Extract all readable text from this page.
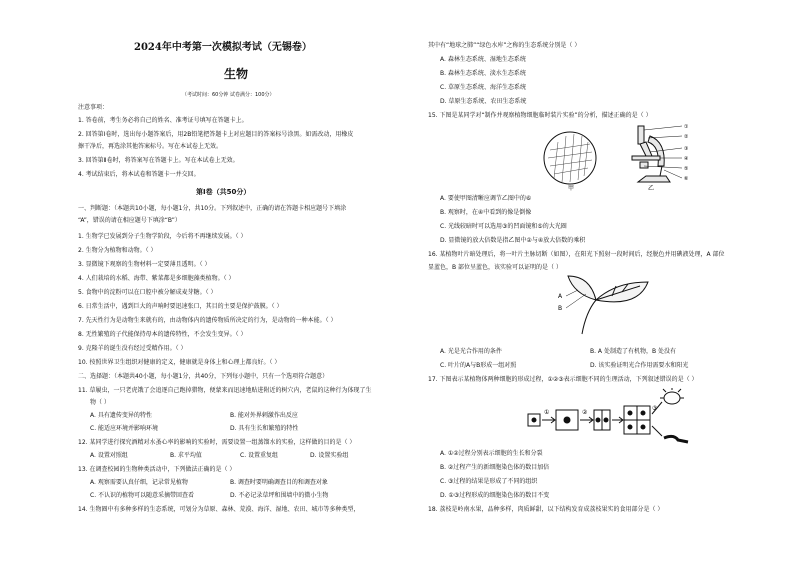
2024年中考第一次模拟考试（无锡卷）
生物
（考试时间：60分钟 试卷满分：100分）
注意事项：
1. 答卷前，考生务必将自己的姓名、准考证号填写在答题卡上。
2. 回答第Ⅰ卷时，选出每小题答案后，用2B铅笔把答题卡上对应题目的答案标号涂黑。如需改动，用橡皮
擦干净后，再选涂其他答案标号。写在本试卷上无效。
3. 回答第Ⅱ卷时，将答案写在答题卡上。写在本试卷上无效。
4. 考试结束后，将本试卷和答题卡一并交回。
第Ⅰ卷（共50分）
一、判断题：（本题共10小题，每小题1分，共10分。下列叙述中，正确的请在答题卡相应题号下填涂
“A”，错误的请在相应题号下填涂“B”）
1. 生物学已发展到分子生物学阶段，今后将不再继续发展。（ ）
2. 生物分为植物和动物。（ ）
3. 显微镜下观察的生物材料一定要薄且透明。（ ）
4. 人们栽培的水稻、海带、紫菜都是多细胞藻类植物。（ ）
5. 食物中的淀粉可以在口腔中被分解成麦芽糖。（ ）
6. 日常生活中，遇到巨大的声响时要迅速张口，其目的主要是保护鼓膜。（ ）
7. 先天性行为是动物生来就有的，由动物体内的遗传物质所决定的行为，是动物的一种本能。（ ）
8. 无性繁殖的子代能保持母本的遗传特性，不会发生变异。（ ）
9. 克隆羊的诞生没有经过受精作用。（ ）
10. 按照世界卫生组织对健康的定义，健康就是身体上和心理上都良好。（ ）
二、选择题：（本题共40小题，每小题1分，共40分，下列每小题中，只有一个选项符合题意）
11. 草履虫，一只老虎饿了会追逐自己跑掉猎物，便蒙来而迅速地贴进附近的树穴内，老鼠的这种行为体现了生
物（ ）
A. 具有遗传变异的特性	B. 能对外界刺激作出反应
C. 能适应环境并影响环境	D. 具有生长和繁殖的特性
12. 某同学进行探究酒精对水蚤心率的影响的实验时，需要设置一组蒸馏水的实验，这样做的目的是（ ）
A. 设置对照组	B. 求平均值	C. 设置重复组	D. 设置实验组
13. 在调查校园的生物种类活动中，下列做法正确的是（ ）
A. 观察需要认真仔细，记录常见植物	B. 调查时要明确调查目的和调查对象
C. 不认识的植物可以随意采摘带回查看	D. 不必记录草坪和围墙中的微小生物
14. 生物圈中有多种多样的生态系统，可划分为草原、森林、荒漠、海洋、湿地、农田、城市等多种类型，
其中有“地球之肺”“绿色水库”之称的生态系统分别是（ ）
A. 森林生态系统、湿地生态系统
B. 森林生态系统、淡水生态系统
C. 草原生态系统、海洋生态系统
D. 草原生态系统、农田生态系统
15. 下图是某同学对“制作并观察植物细胞临时装片实验”的分析，描述正确的是（ ）
甲
①
②
③
④
⑤
⑥
乙
A. 要使甲图清晰应调节乙图中的⑥
B. 观察时，在④中看到的像是倒像
C. 光线较暗时可以选用③的凹面镜和⑤的大光圈
D. 显微镜的放大倍数是指乙图中②与④放大倍数的乘积
16. 某植物叶片暗处理后，将一叶片主脉切断（如图），在阳光下照射一段时间后，经脱色并用碘液处理，A 部位
显蓝色，B 部位呈蓝色，该实验可以证明的是（ ）
A
B
A. 光是光合作用的条件	B. A 处制造了有机物，B 处没有
C. 叶片的A与B形成一组对照	D. 该实验证明光合作用需要水和阳光
17. 下图表示某植物体两种细胞的形成过程，①②③表示细胞不同的生理活动，下列叙述错误的是（ ）
①	②
③
A. ①②过程分别表示细胞的生长和分裂
B. ②过程产生的新细胞染色体的数目加倍
C. ③过程的结果是形成了不同的组织
D. ①③过程形成的细胞染色体的数目不变
18. 荔枝是岭南水果，品种多样，肉质鲜甜，以下结构发育成荔枝果实的食用部分是（ ）
